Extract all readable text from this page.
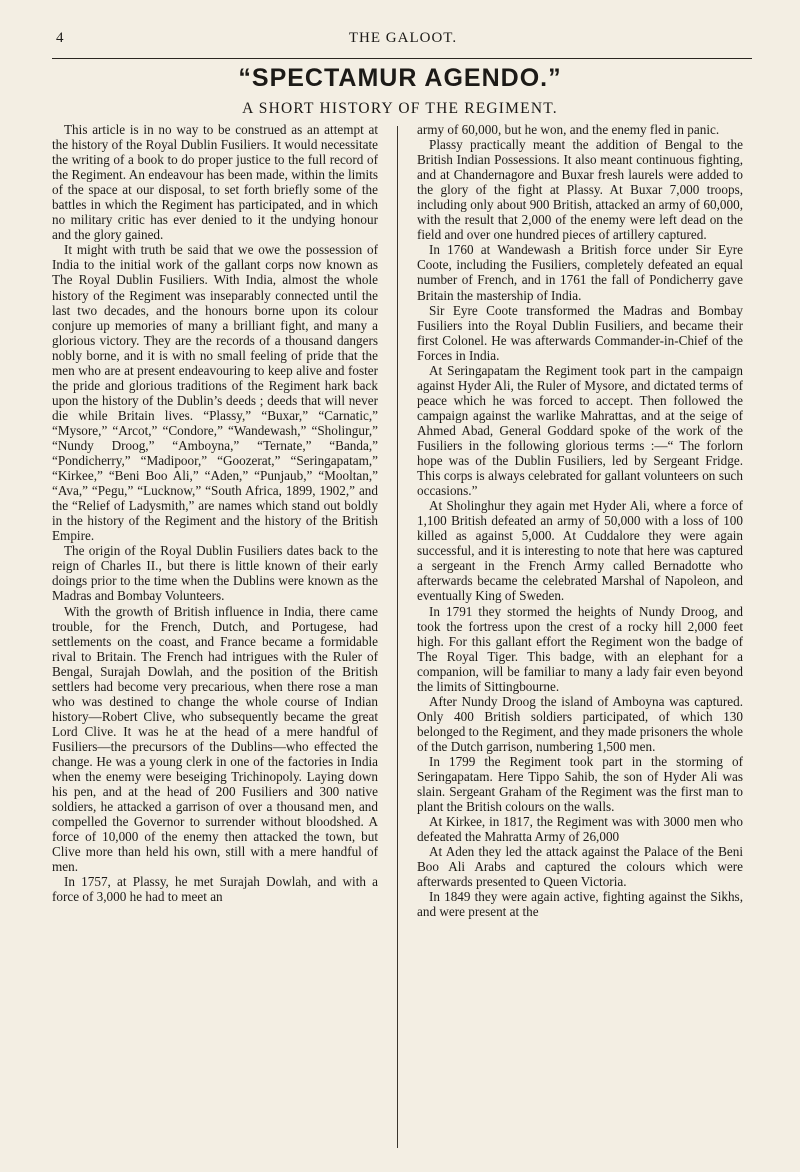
4	THE GALOOT.
“SPECTAMUR AGENDO.”
A SHORT HISTORY OF THE REGIMENT.

This article is in no way to be construed as an attempt at the history of the Royal Dublin Fusiliers. It would necessitate the writing of a book to do proper justice to the full record of the Regiment. An endeavour has been made, within the limits of the space at our disposal, to set forth briefly some of the battles in which the Regiment has participated, and in which no military critic has ever denied to it the undying honour and the glory gained.

It might with truth be said that we owe the possession of India to the initial work of the gallant corps now known as The Royal Dublin Fusiliers. With India, almost the whole history of the Regiment was inseparably connected until the last two decades, and the honours borne upon its colour conjure up memories of many a brilliant fight, and many a glorious victory. They are the records of a thousand dangers nobly borne, and it is with no small feeling of pride that the men who are at present endeavouring to keep alive and foster the pride and glorious traditions of the Regiment hark back upon the history of the Dublin’s deeds ; deeds that will never die while Britain lives. “Plassy,” “Buxar,” “Carnatic,” “Mysore,” “Arcot,” “Condore,” “Wandewash,” “Sholingur,” “Nundy Droog,” “Amboyna,” “Ternate,” “Banda,” “Pondicherry,” “Madipoor,” “Goozerat,” “Seringapatam,” “Kirkee,” “Beni Boo Ali,” “Aden,” “Punjaub,” “Mooltan,” “Ava,” “Pegu,” “Lucknow,” “South Africa, 1899, 1902,” and the “Relief of Ladysmith,” are names which stand out boldly in the history of the Regiment and the history of the British Empire.

The origin of the Royal Dublin Fusiliers dates back to the reign of Charles II., but there is little known of their early doings prior to the time when the Dublins were known as the Madras and Bombay Volunteers.

With the growth of British influence in India, there came trouble, for the French, Dutch, and Portugese, had settlements on the coast, and France became a formidable rival to Britain. The French had intrigues with the Ruler of Bengal, Surajah Dowlah, and the position of the British settlers had become very precarious, when there rose a man who was destined to change the whole course of Indian history—Robert Clive, who subsequently became the great Lord Clive. It was he at the head of a mere handful of Fusiliers—the precursors of the Dublins—who effected the change. He was a young clerk in one of the factories in India when the enemy were beseiging Trichinopoly. Laying down his pen, and at the head of 200 Fusiliers and 300 native soldiers, he attacked a garrison of over a thousand men, and compelled the Governor to surrender without bloodshed. A force of 10,000 of the enemy then attacked the town, but Clive more than held his own, still with a mere handful of men.

In 1757, at Plassy, he met Surajah Dowlah, and with a force of 3,000 he had to meet an

army of 60,000, but he won, and the enemy fled in panic.

Plassy practically meant the addition of Bengal to the British Indian Possessions. It also meant continuous fighting, and at Chandernagore and Buxar fresh laurels were added to the glory of the fight at Plassy. At Buxar 7,000 troops, including only about 900 British, attacked an army of 60,000, with the result that 2,000 of the enemy were left dead on the field and over one hundred pieces of artillery captured.

In 1760 at Wandewash a British force under Sir Eyre Coote, including the Fusiliers, completely defeated an equal number of French, and in 1761 the fall of Pondicherry gave Britain the mastership of India.

Sir Eyre Coote transformed the Madras and Bombay Fusiliers into the Royal Dublin Fusiliers, and became their first Colonel. He was afterwards Commander-in-Chief of the Forces in India.

At Seringapatam the Regiment took part in the campaign against Hyder Ali, the Ruler of Mysore, and dictated terms of peace which he was forced to accept. Then followed the campaign against the warlike Mahrattas, and at the seige of Ahmed Abad, General Goddard spoke of the work of the Fusiliers in the following glorious terms :—“ The forlorn hope was of the Dublin Fusiliers, led by Sergeant Fridge. This corps is always celebrated for gallant volunteers on such occasions.”

At Sholinghur they again met Hyder Ali, where a force of 1,100 British defeated an army of 50,000 with a loss of 100 killed as against 5,000. At Cuddalore they were again successful, and it is interesting to note that here was captured a sergeant in the French Army called Bernadotte who afterwards became the celebrated Marshal of Napoleon, and eventually King of Sweden.

In 1791 they stormed the heights of Nundy Droog, and took the fortress upon the crest of a rocky hill 2,000 feet high. For this gallant effort the Regiment won the badge of The Royal Tiger. This badge, with an elephant for a companion, will be familiar to many a lady fair even beyond the limits of Sittingbourne.

After Nundy Droog the island of Amboyna was captured. Only 400 British soldiers participated, of which 130 belonged to the Regiment, and they made prisoners the whole of the Dutch garrison, numbering 1,500 men.

In 1799 the Regiment took part in the storming of Seringapatam. Here Tippo Sahib, the son of Hyder Ali was slain. Sergeant Graham of the Regiment was the first man to plant the British colours on the walls.

At Kirkee, in 1817, the Regiment was with 3000 men who defeated the Mahratta Army of 26,000

At Aden they led the attack against the Palace of the Beni Boo Ali Arabs and captured the colours which were afterwards presented to Queen Victoria.

In 1849 they were again active, fighting against the Sikhs, and were present at the
